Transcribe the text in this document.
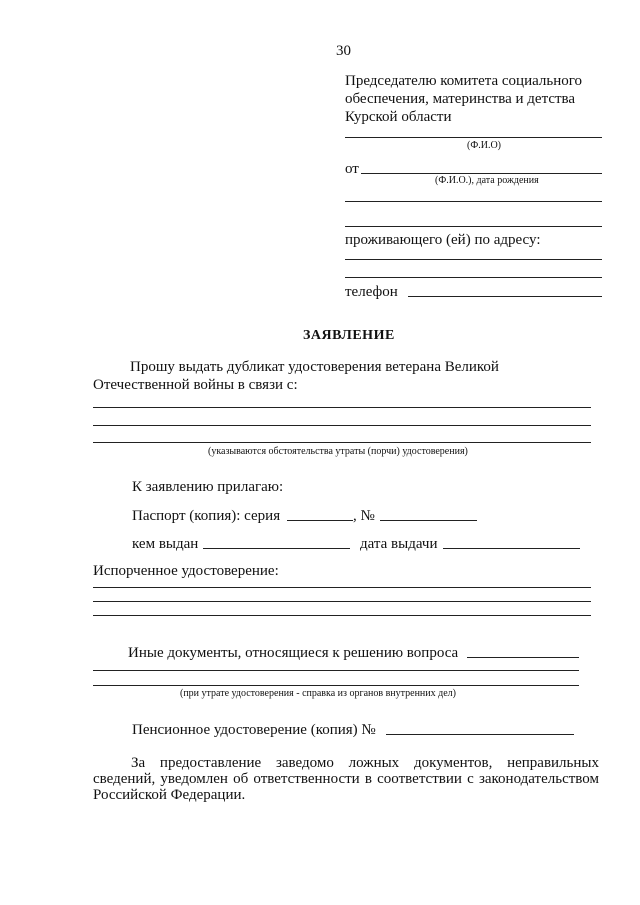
30
Председателю комитета социального
обеспечения, материнства и детства
Курской области
(Ф.И.О)
от
(Ф.И.О.), дата рождения
проживающего (ей) по адресу:
телефон
ЗАЯВЛЕНИЕ
Прошу выдать дубликат удостоверения ветерана Великой
Отечественной войны в связи с:
(указываются обстоятельства утраты (порчи) удостоверения)
К заявлению прилагаю:
Паспорт (копия): серия	, №
кем выдан	дата выдачи
Испорченное удостоверение:
Иные документы, относящиеся к решению вопроса
(при утрате удостоверения - справка из органов внутренних дел)
Пенсионное удостоверение (копия) №
За предоставление заведомо ложных документов, неправильных сведений, уведомлен об ответственности в соответствии с законодательством Российской Федерации.
